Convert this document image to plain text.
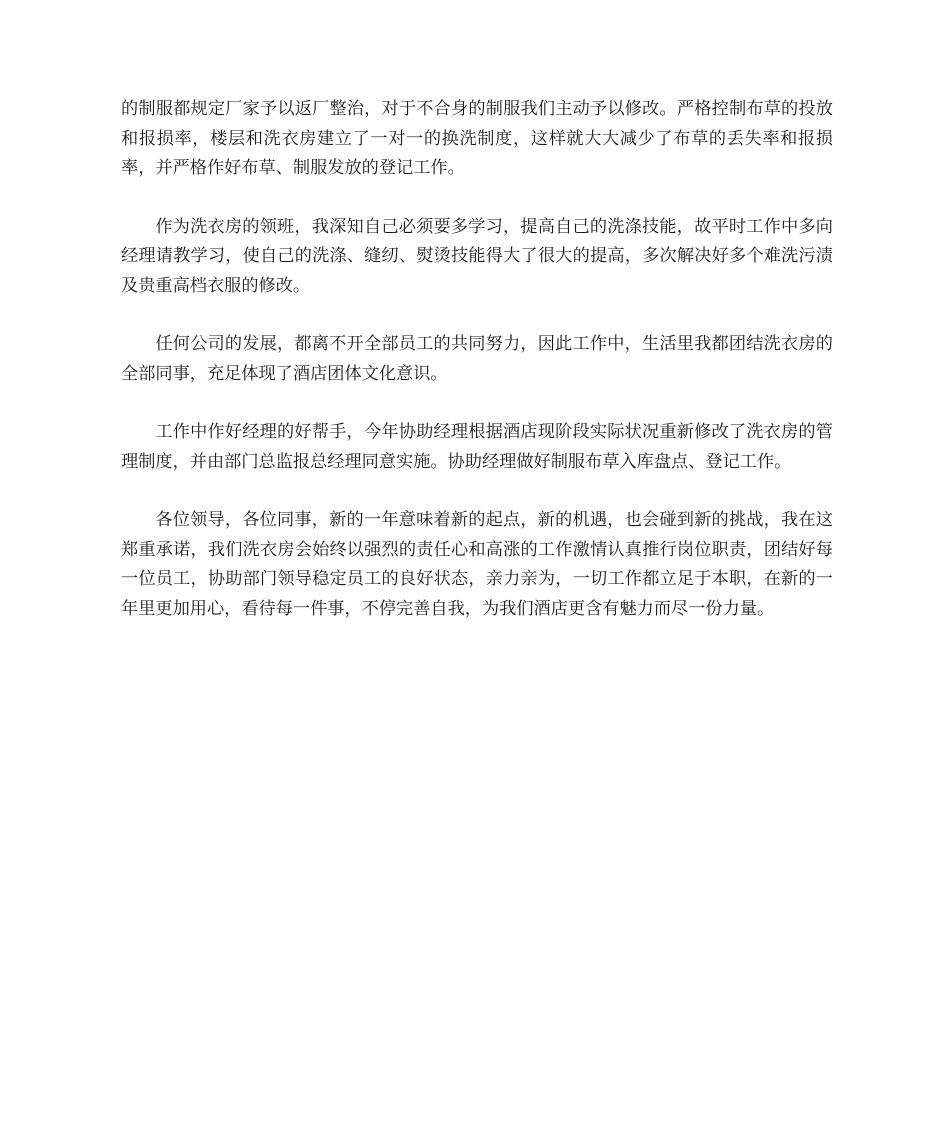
的制服都规定厂家予以返厂整治，对于不合身的制服我们主动予以修改。严格控制布草的投放和报损率，楼层和洗衣房建立了一对一的换洗制度，这样就大大减少了布草的丢失率和报损率，并严格作好布草、制服发放的登记工作。

作为洗衣房的领班，我深知自己必须要多学习，提高自己的洗涤技能，故平时工作中多向经理请教学习，使自己的洗涤、缝纫、熨烫技能得大了很大的提高，多次解决好多个难洗污渍及贵重高档衣服的修改。

任何公司的发展，都离不开全部员工的共同努力，因此工作中，生活里我都团结洗衣房的全部同事，充足体现了酒店团体文化意识。

工作中作好经理的好帮手，今年协助经理根据酒店现阶段实际状况重新修改了洗衣房的管理制度，并由部门总监报总经理同意实施。协助经理做好制服布草入库盘点、登记工作。

各位领导，各位同事，新的一年意味着新的起点，新的机遇，也会碰到新的挑战，我在这郑重承诺，我们洗衣房会始终以强烈的责任心和高涨的工作激情认真推行岗位职责，团结好每一位员工，协助部门领导稳定员工的良好状态，亲力亲为，一切工作都立足于本职，在新的一年里更加用心，看待每一件事，不停完善自我，为我们酒店更含有魅力而尽一份力量。
